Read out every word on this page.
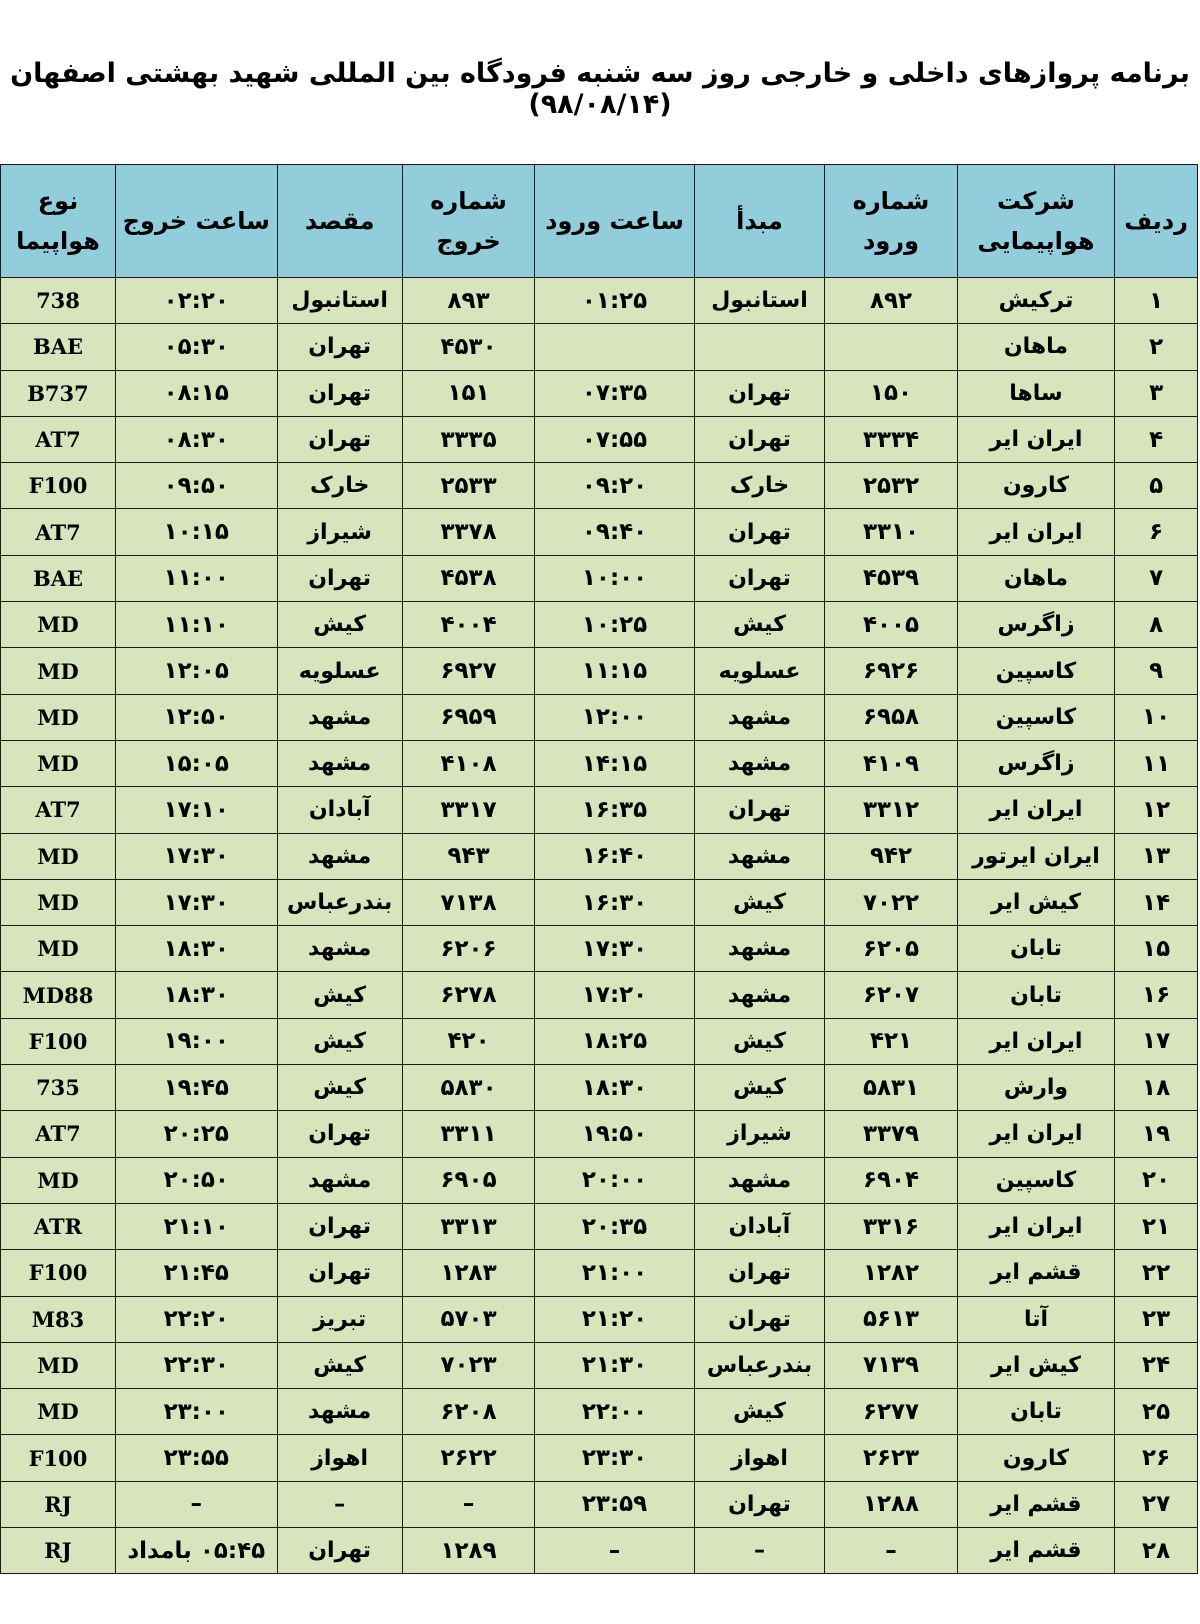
برنامه پروازهای داخلی و خارجی روز سه شنبه فرودگاه بین المللی شهید بهشتی اصفهان (۹۸/۰۸/۱۴)
ردیف	شرکت هواپیمایی	شماره ورود	مبدأ	ساعت ورود	شماره خروج	مقصد	ساعت خروج	نوع هواپیما
۱	ترکیش	۸۹۲	استانبول	۰۱:۲۵	۸۹۳	استانبول	۰۲:۲۰	738
۲	ماهان				۴۵۳۰	تهران	۰۵:۳۰	BAE
۳	ساها	۱۵۰	تهران	۰۷:۳۵	۱۵۱	تهران	۰۸:۱۵	B737
۴	ایران ایر	۳۳۳۴	تهران	۰۷:۵۵	۳۳۳۵	تهران	۰۸:۳۰	AT7
۵	کارون	۲۵۳۲	خارک	۰۹:۲۰	۲۵۳۳	خارک	۰۹:۵۰	F100
۶	ایران ایر	۳۳۱۰	تهران	۰۹:۴۰	۳۳۷۸	شیراز	۱۰:۱۵	AT7
۷	ماهان	۴۵۳۹	تهران	۱۰:۰۰	۴۵۳۸	تهران	۱۱:۰۰	BAE
۸	زاگرس	۴۰۰۵	کیش	۱۰:۲۵	۴۰۰۴	کیش	۱۱:۱۰	MD
۹	کاسپین	۶۹۲۶	عسلویه	۱۱:۱۵	۶۹۲۷	عسلویه	۱۲:۰۵	MD
۱۰	کاسپین	۶۹۵۸	مشهد	۱۲:۰۰	۶۹۵۹	مشهد	۱۲:۵۰	MD
۱۱	زاگرس	۴۱۰۹	مشهد	۱۴:۱۵	۴۱۰۸	مشهد	۱۵:۰۵	MD
۱۲	ایران ایر	۳۳۱۲	تهران	۱۶:۳۵	۳۳۱۷	آبادان	۱۷:۱۰	AT7
۱۳	ایران ایرتور	۹۴۲	مشهد	۱۶:۴۰	۹۴۳	مشهد	۱۷:۳۰	MD
۱۴	کیش ایر	۷۰۲۲	کیش	۱۶:۳۰	۷۱۳۸	بندرعباس	۱۷:۳۰	MD
۱۵	تابان	۶۲۰۵	مشهد	۱۷:۳۰	۶۲۰۶	مشهد	۱۸:۳۰	MD
۱۶	تابان	۶۲۰۷	مشهد	۱۷:۲۰	۶۲۷۸	کیش	۱۸:۳۰	MD88
۱۷	ایران ایر	۴۲۱	کیش	۱۸:۲۵	۴۲۰	کیش	۱۹:۰۰	F100
۱۸	وارش	۵۸۳۱	کیش	۱۸:۳۰	۵۸۳۰	کیش	۱۹:۴۵	735
۱۹	ایران ایر	۳۳۷۹	شیراز	۱۹:۵۰	۳۳۱۱	تهران	۲۰:۲۵	AT7
۲۰	کاسپین	۶۹۰۴	مشهد	۲۰:۰۰	۶۹۰۵	مشهد	۲۰:۵۰	MD
۲۱	ایران ایر	۳۳۱۶	آبادان	۲۰:۳۵	۳۳۱۳	تهران	۲۱:۱۰	ATR
۲۲	قشم ایر	۱۲۸۲	تهران	۲۱:۰۰	۱۲۸۳	تهران	۲۱:۴۵	F100
۲۳	آتا	۵۶۱۳	تهران	۲۱:۲۰	۵۷۰۳	تبریز	۲۲:۲۰	M83
۲۴	کیش ایر	۷۱۳۹	بندرعباس	۲۱:۳۰	۷۰۲۳	کیش	۲۲:۳۰	MD
۲۵	تابان	۶۲۷۷	کیش	۲۲:۰۰	۶۲۰۸	مشهد	۲۳:۰۰	MD
۲۶	کارون	۲۶۲۳	اهواز	۲۳:۳۰	۲۶۲۲	اهواز	۲۳:۵۵	F100
۲۷	قشم ایر	۱۲۸۸	تهران	۲۳:۵۹	–	–	–	RJ
۲۸	قشم ایر	–	–	–	۱۲۸۹	تهران	۰۵:۴۵ بامداد	RJ
